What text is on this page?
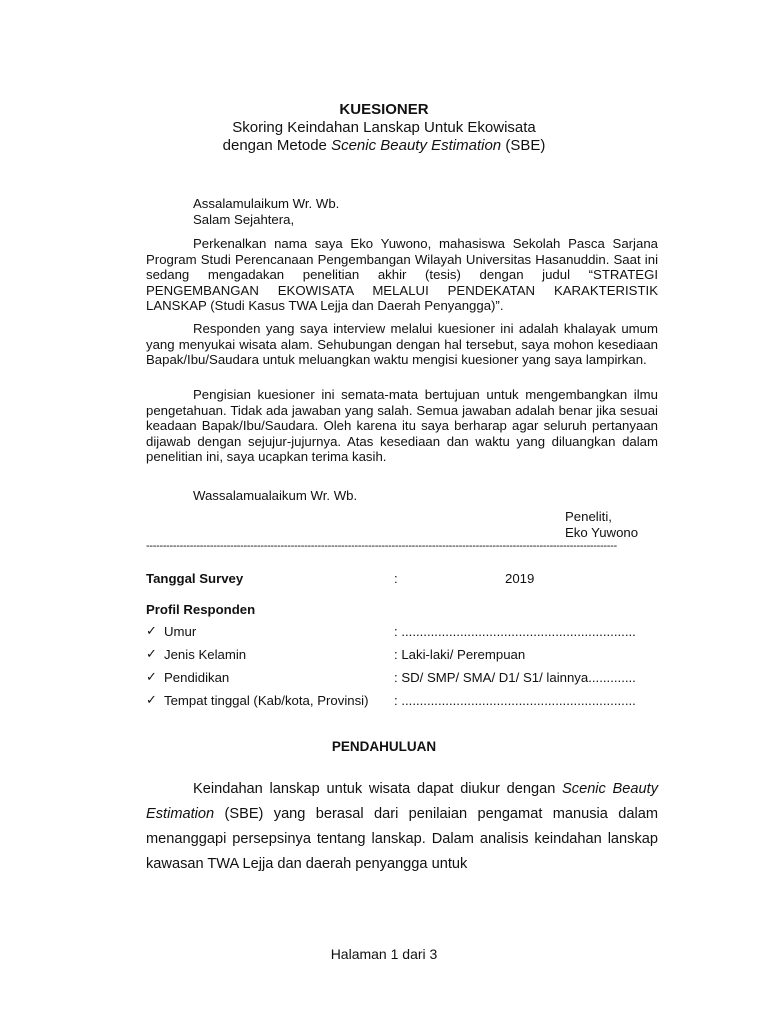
KUESIONER
Skoring Keindahan Lanskap Untuk Ekowisata
dengan Metode Scenic Beauty Estimation (SBE)
Assalamulaikum Wr. Wb.
Salam Sejahtera,

Perkenalkan nama saya Eko Yuwono, mahasiswa Sekolah Pasca Sarjana Program Studi Perencanaan Pengembangan Wilayah Universitas Hasanuddin. Saat ini sedang mengadakan penelitian akhir (tesis) dengan judul “STRATEGI PENGEMBANGAN EKOWISATA MELALUI PENDEKATAN KARAKTERISTIK LANSKAP (Studi Kasus TWA Lejja dan Daerah Penyangga)”.

Responden yang saya interview melalui kuesioner ini adalah khalayak umum yang menyukai wisata alam. Sehubungan dengan hal tersebut, saya mohon kesediaan Bapak/Ibu/Saudara untuk meluangkan waktu mengisi kuesioner yang saya lampirkan.

Pengisian kuesioner ini semata-mata bertujuan untuk mengembangkan ilmu pengetahuan. Tidak ada jawaban yang salah. Semua jawaban adalah benar jika sesuai keadaan Bapak/Ibu/Saudara. Oleh karena itu saya berharap agar seluruh pertanyaan dijawab dengan sejujur-jujurnya. Atas kesediaan dan waktu yang diluangkan dalam penelitian ini, saya ucapkan terima kasih.

Wassalamualaikum Wr. Wb.
Peneliti,
Eko Yuwono
--------------------------------------------------------------------------------------------------------------------------------------------
Tanggal Survey	:	2019
Profil Responden
✓ Umur	: ................................................................
✓ Jenis Kelamin	: Laki-laki/ Perempuan
✓ Pendidikan	: SD/ SMP/ SMA/ D1/ S1/ lainnya.............
✓ Tempat tinggal (Kab/kota, Provinsi) : ................................................................
PENDAHULUAN

Keindahan lanskap untuk wisata dapat diukur dengan Scenic Beauty Estimation (SBE) yang berasal dari penilaian pengamat manusia dalam menanggapi persepsinya tentang lanskap. Dalam analisis keindahan lanskap kawasan TWA Lejja dan daerah penyangga untuk

Halaman 1 dari 3
